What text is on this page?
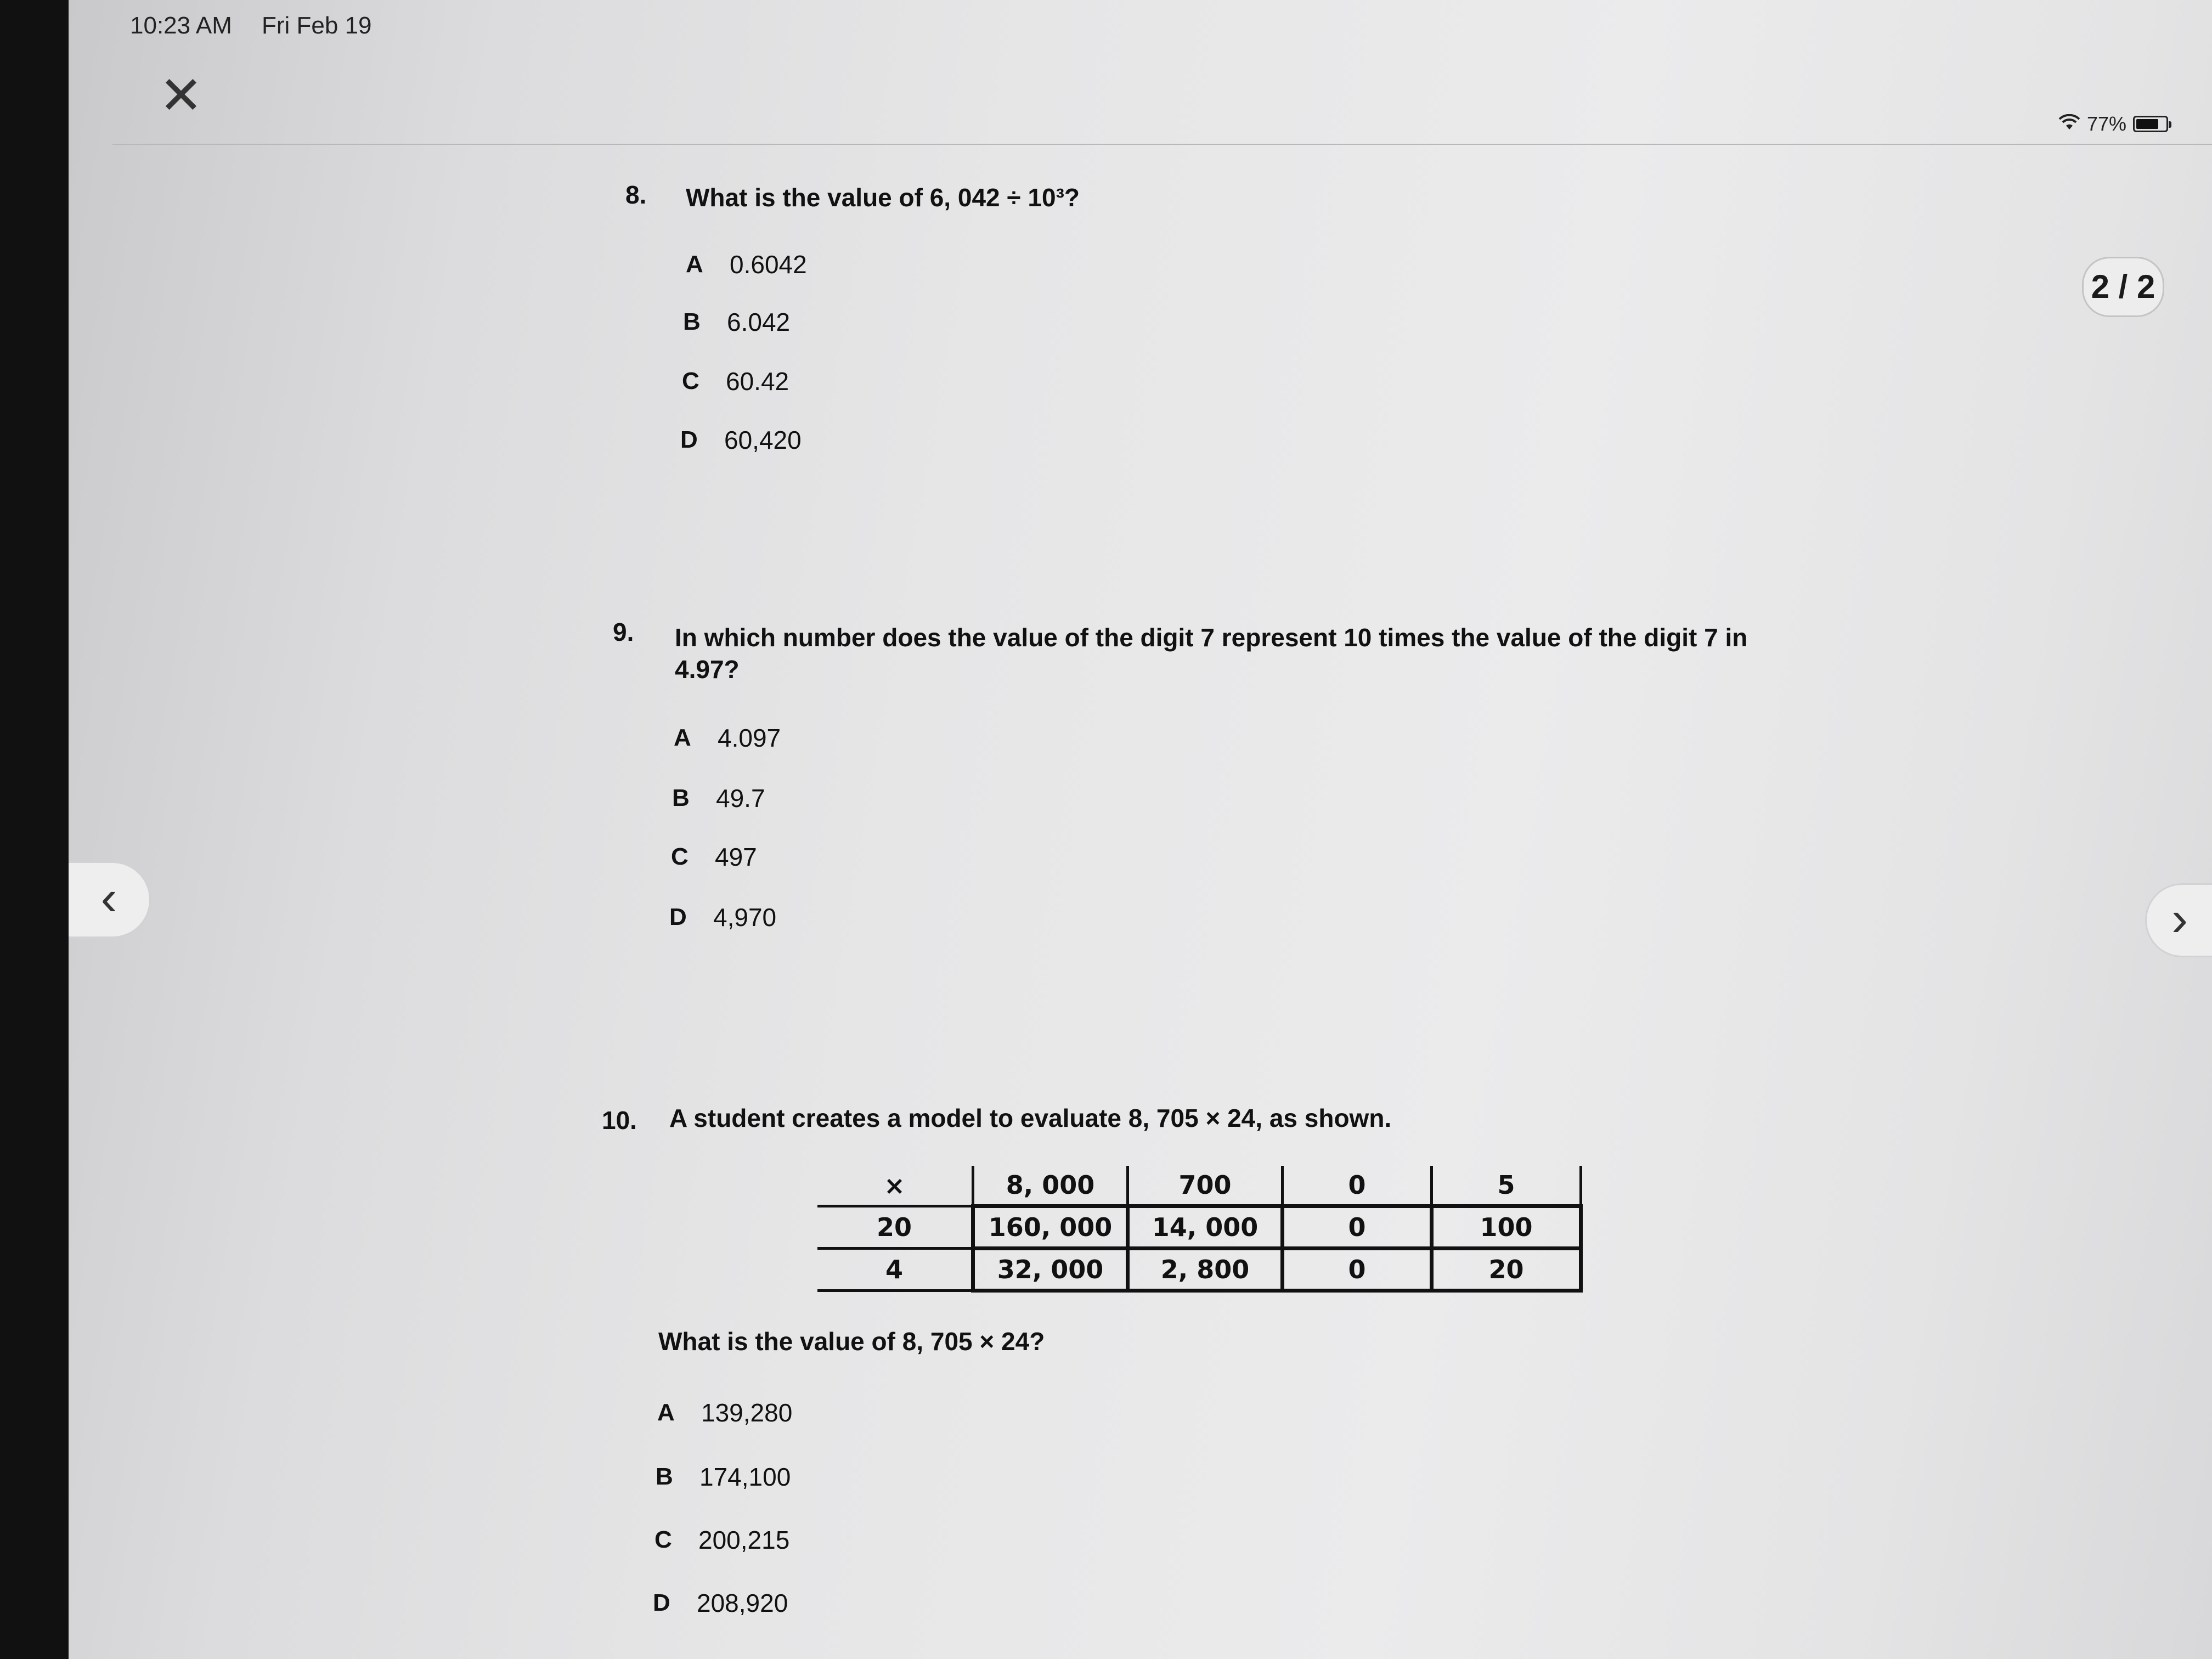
10:23 AM Fri Feb 19
77%
✕
2 / 2
‹	›
8. What is the value of 6, 042 ÷ 10³?
A	0.6042
B	6.042
C	60.42
D	60,420
9. In which number does the value of the digit 7 represent 10 times the value of the digit 7 in
4.97?
A	4.097
B	49.7
C	497
D	4,970
10. A student creates a model to evaluate 8, 705 × 24, as shown.
×	8, 000	700	0	5
20	160, 000	14, 000	0	100
4	32, 000	2, 800	0	20
What is the value of 8, 705 × 24?
A	139,280
B	174,100
C	200,215
D	208,920
